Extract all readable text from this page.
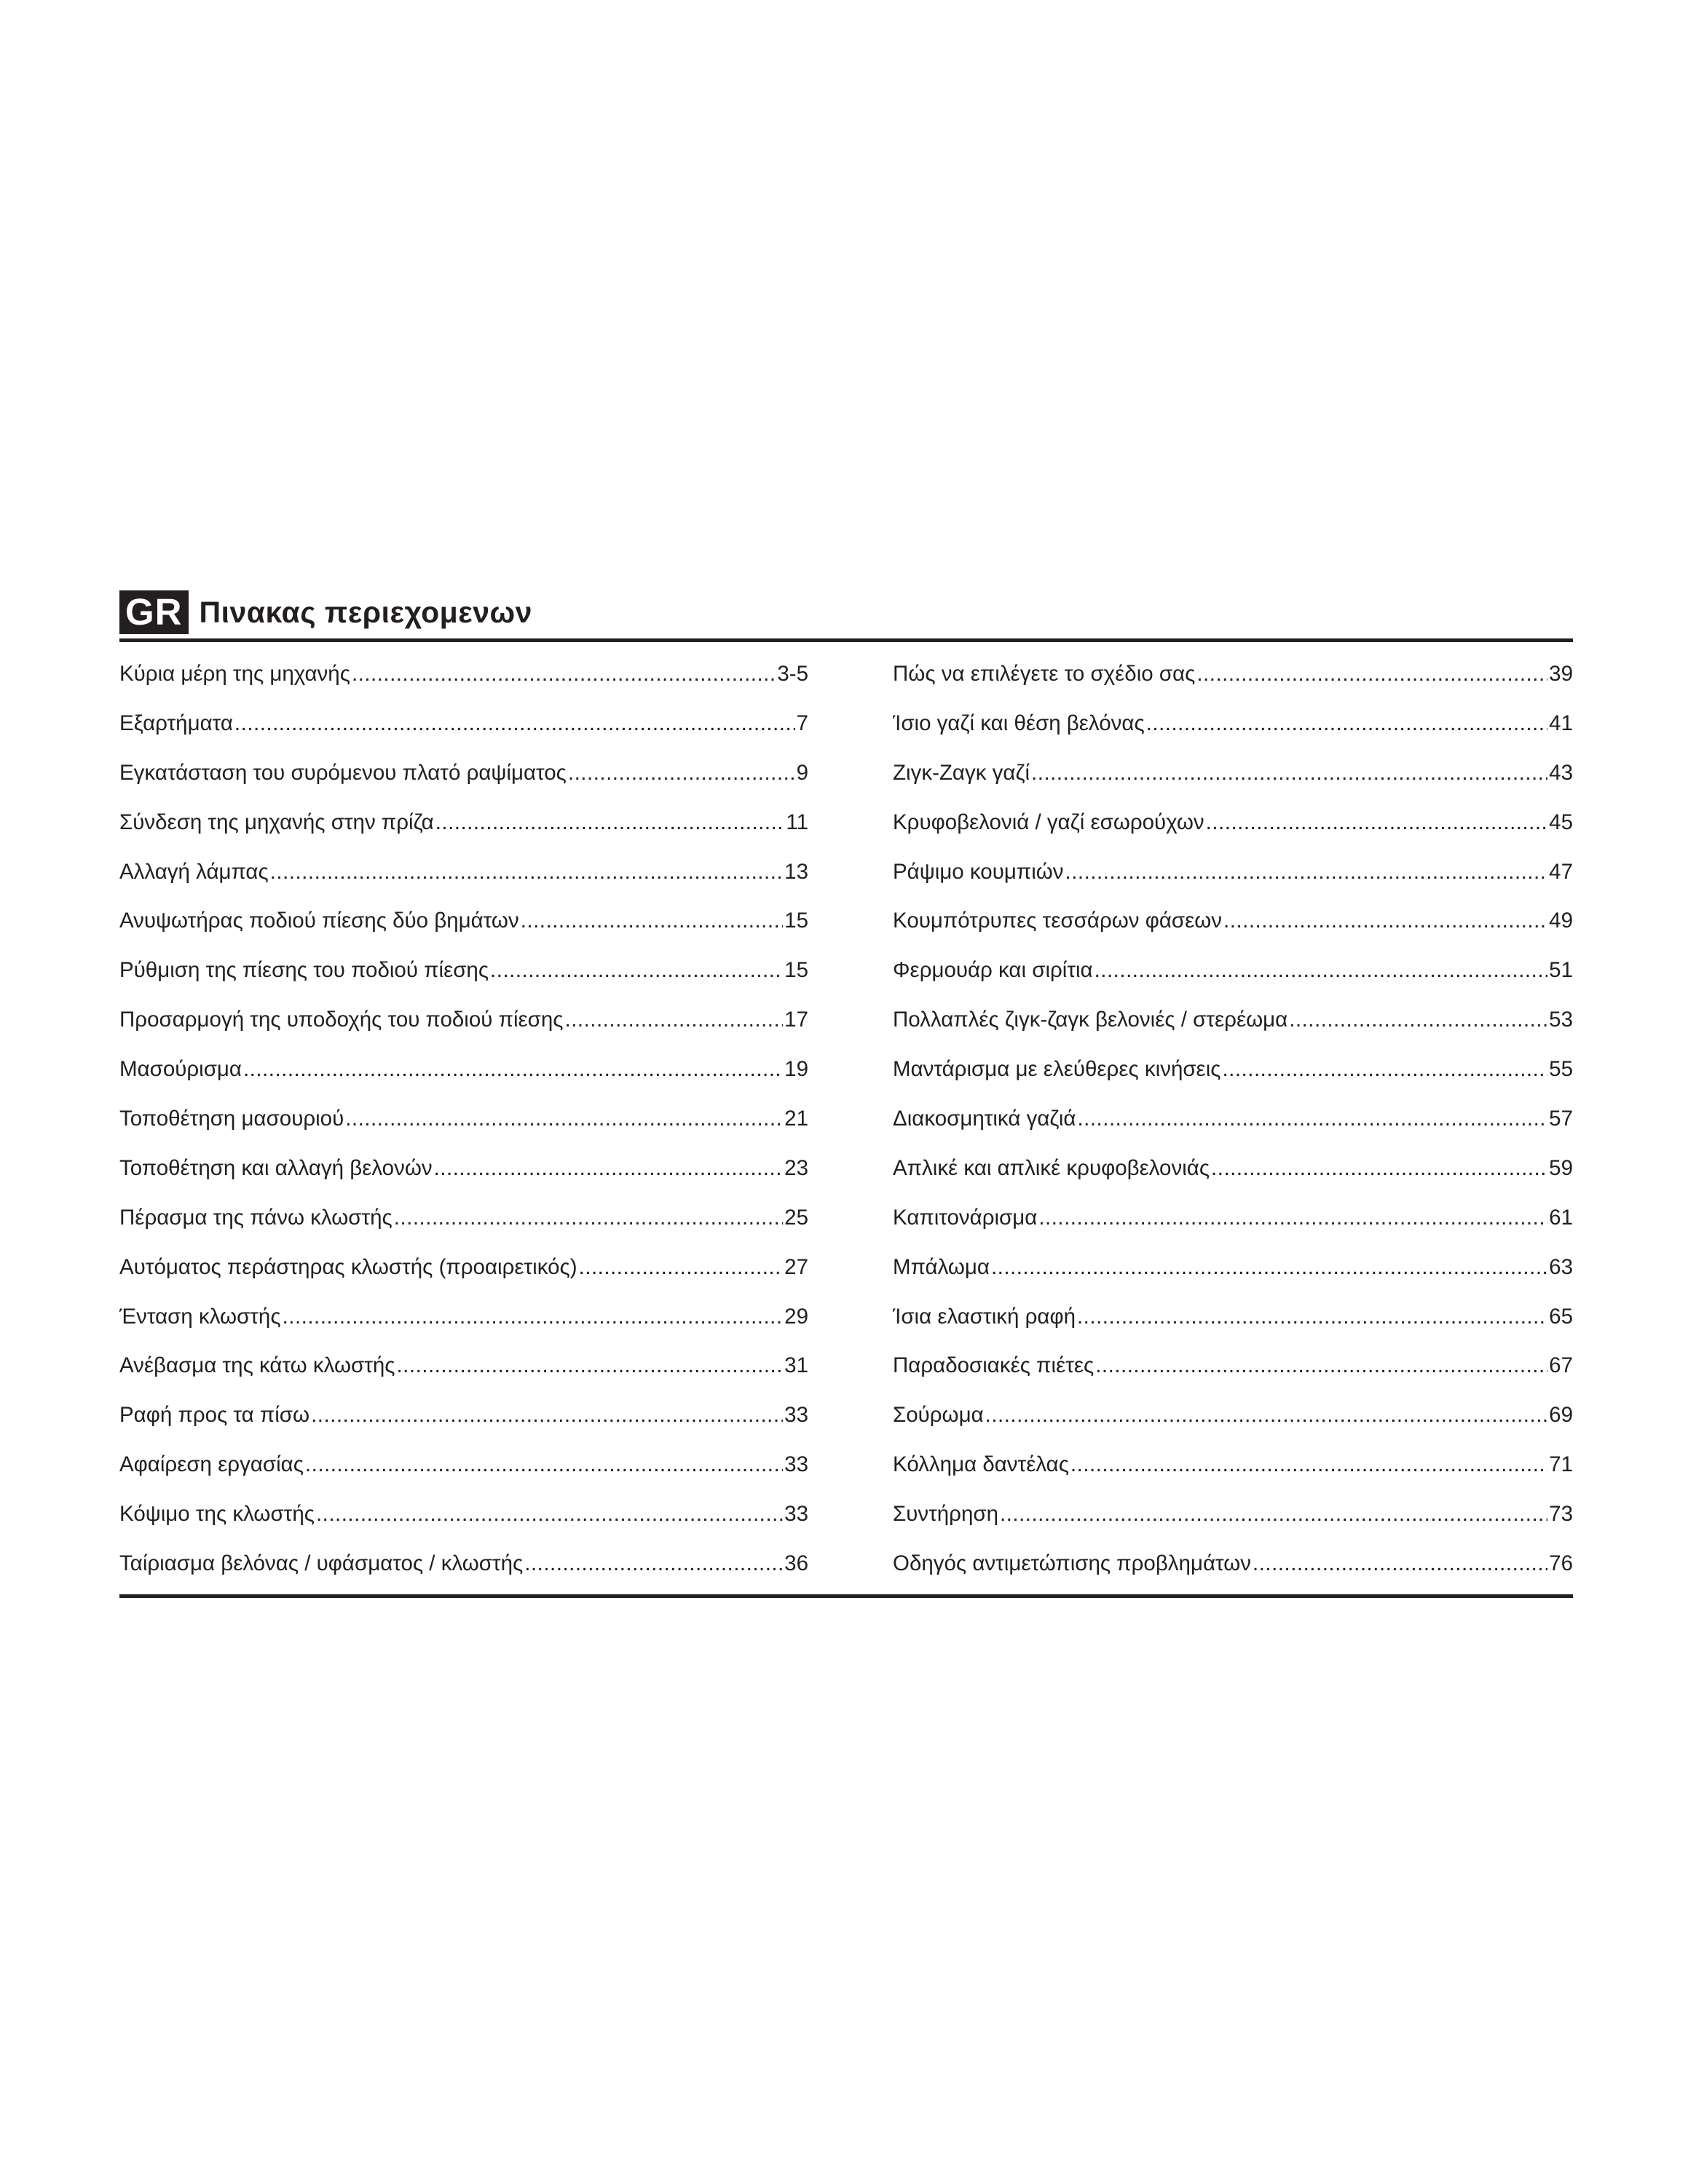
GR Πινακας περιεχομενων
Κύρια μέρη της μηχανής .....	3-5
Εξαρτήματα .....	7
Εγκατάσταση του συρόμενου πλατό ραψίματος .....	9
Σύνδεση της μηχανής στην πρίζα .....	11
Αλλαγή λάμπας .....	13
Ανυψωτήρας ποδιού πίεσης δύο βημάτων .....	15
Ρύθμιση της πίεσης του ποδιού πίεσης .....	15
Προσαρμογή της υποδοχής του ποδιού πίεσης .....	17
Μασούρισμα .....	19
Τοποθέτηση μασουριού .....	21
Τοποθέτηση και αλλαγή βελονών .....	23
Πέρασμα της πάνω κλωστής .....	25
Αυτόματος περάστηρας κλωστής (προαιρετικός) .....	27
Ένταση κλωστής .....	29
Ανέβασμα της κάτω κλωστής .....	31
Ραφή προς τα πίσω .....	33
Αφαίρεση εργασίας .....	33
Κόψιμο της κλωστής .....	33
Ταίριασμα βελόνας / υφάσματος / κλωστής .....	36
Πώς να επιλέγετε το σχέδιο σας .....	39
Ίσιο γαζί και θέση βελόνας .....	41
Ζιγκ-Ζαγκ γαζί .....	43
Κρυφοβελονιά / γαζί εσωρούχων .....	45
Ράψιμο κουμπιών .....	47
Κουμπότρυπες τεσσάρων φάσεων .....	49
Φερμουάρ και σιρίτια .....	51
Πολλαπλές ζιγκ-ζαγκ βελονιές / στερέωμα .....	53
Μαντάρισμα με ελεύθερες κινήσεις .....	55
Διακοσμητικά γαζιά .....	57
Απλικέ και απλικέ κρυφοβελονιάς .....	59
Καπιτονάρισμα .....	61
Μπάλωμα .....	63
Ίσια ελαστική ραφή .....	65
Παραδοσιακές πιέτες .....	67
Σούρωμα .....	69
Κόλλημα δαντέλας .....	71
Συντήρηση .....	73
Οδηγός αντιμετώπισης προβλημάτων .....	76
